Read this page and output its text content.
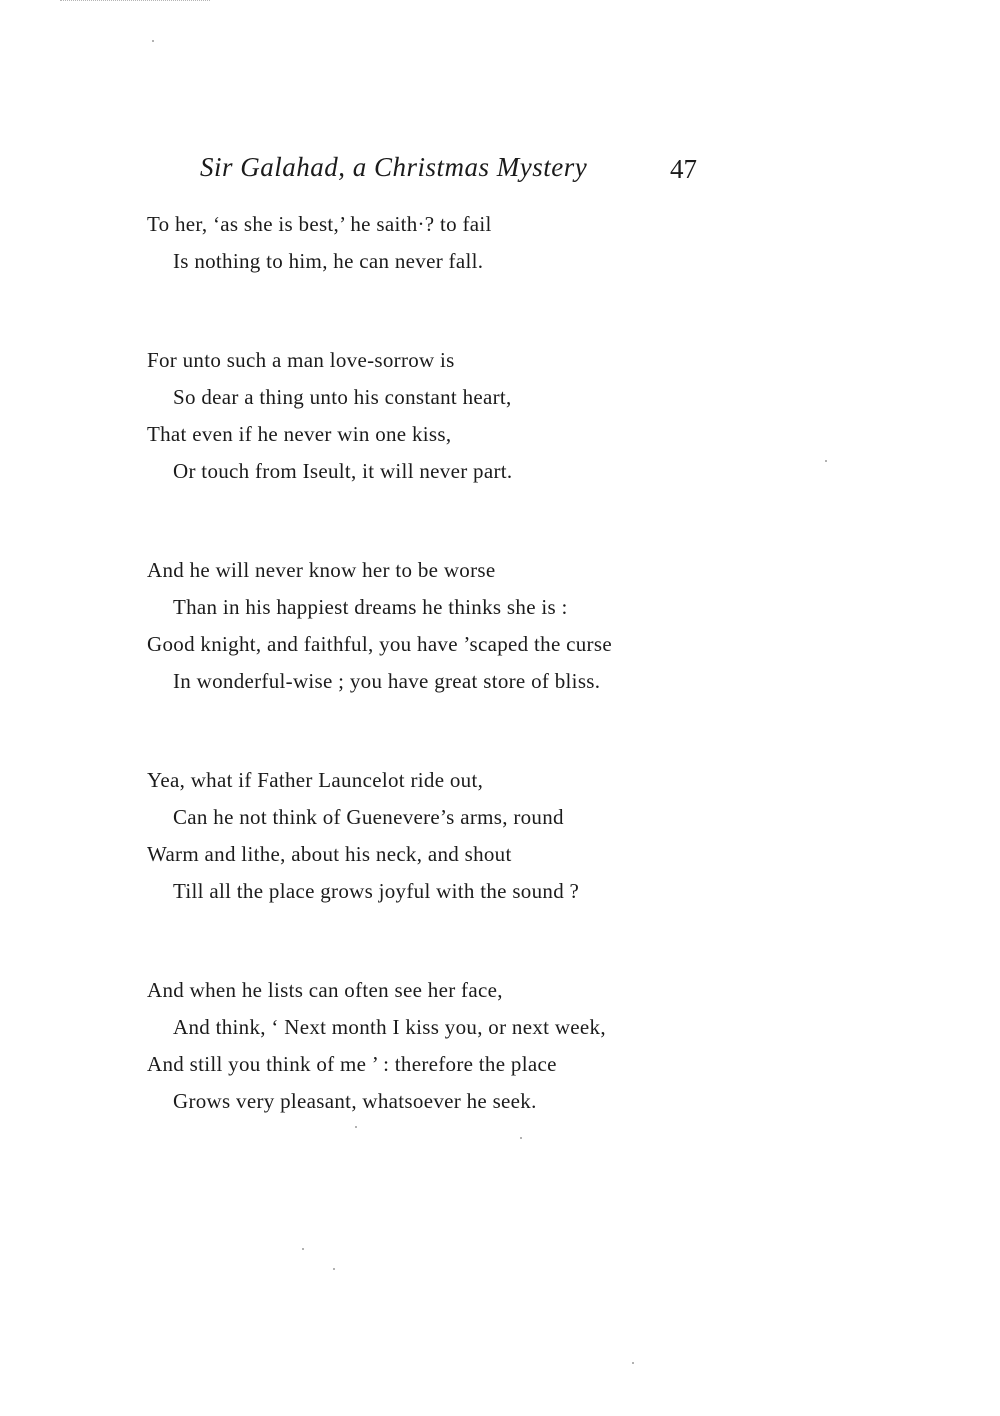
Sir Galahad, a Christmas Mystery	47
To her, ‘as she is best,’ he saith·? to fail
Is nothing to him, he can never fall.
For unto such a man love-sorrow is
So dear a thing unto his constant heart,
That even if he never win one kiss,
Or touch from Iseult, it will never part.
And he will never know her to be worse
Than in his happiest dreams he thinks she is :
Good knight, and faithful, you have ’scaped the curse
In wonderful-wise ; you have great store of bliss.
Yea, what if Father Launcelot ride out,
Can he not think of Guenevere’s arms, round
Warm and lithe, about his neck, and shout
Till all the place grows joyful with the sound ?
And when he lists can often see her face,
And think, ‘ Next month I kiss you, or next week,
And still you think of me ’ : therefore the place
Grows very pleasant, whatsoever he seek.
